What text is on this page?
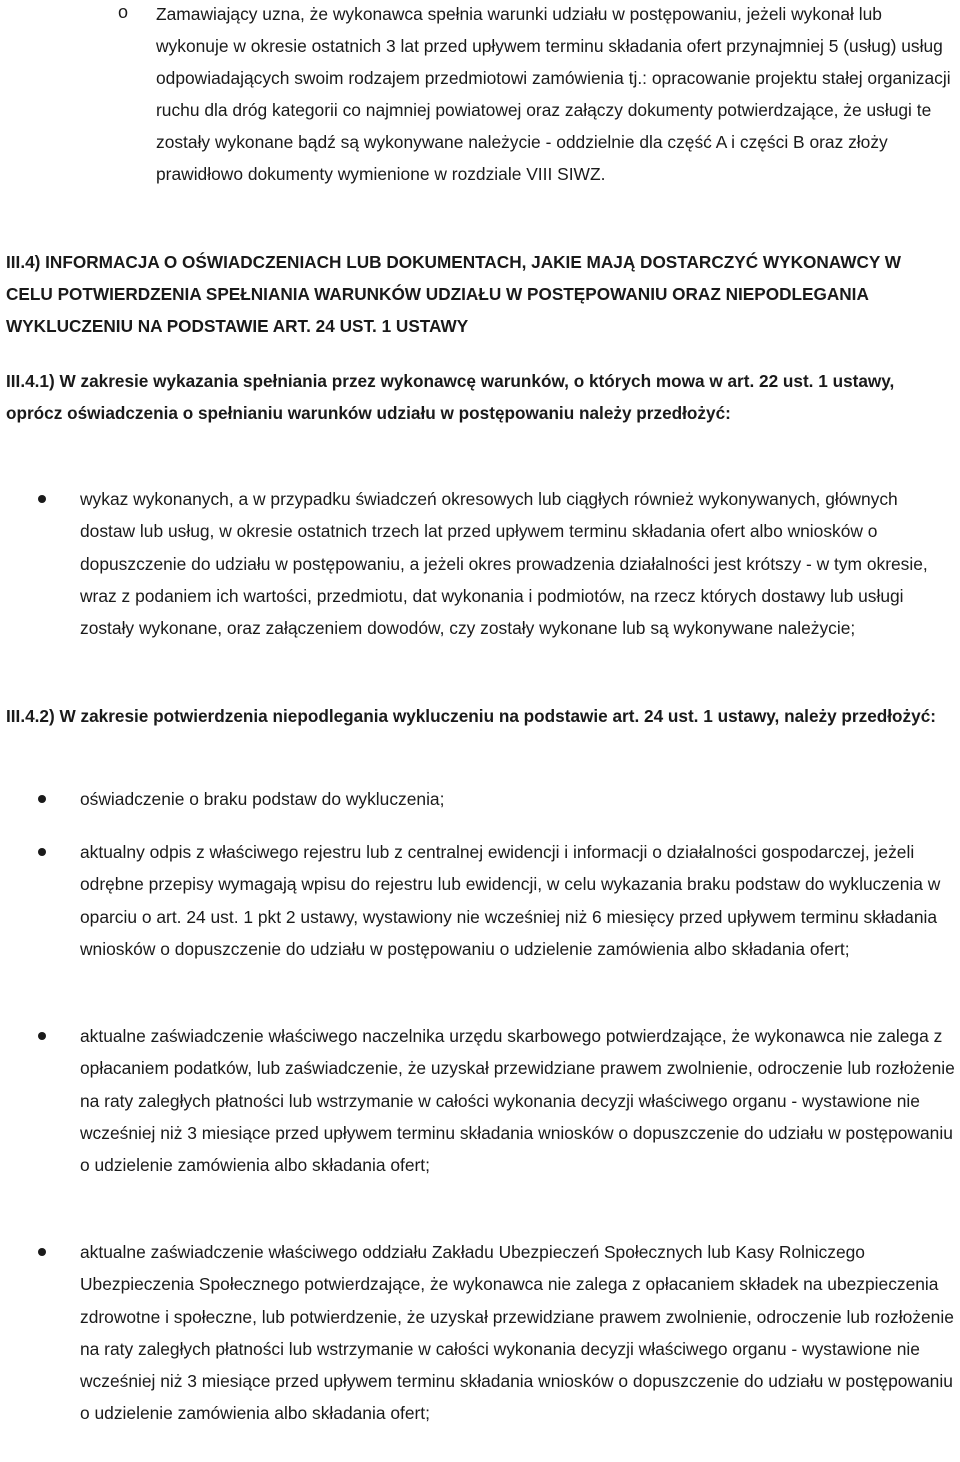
o Zamawiający uzna, że wykonawca spełnia warunki udziału w postępowaniu, jeżeli wykonał lub wykonuje w okresie ostatnich 3 lat przed upływem terminu składania ofert przynajmniej 5 (usług) usług odpowiadających swoim rodzajem przedmiotowi zamówienia tj.: opracowanie projektu stałej organizacji ruchu dla dróg kategorii co najmniej powiatowej oraz załączy dokumenty potwierdzające, że usługi te zostały wykonane bądź są wykonywane należycie - oddzielnie dla część A i części B oraz złoży prawidłowo dokumenty wymienione w rozdziale VIII SIWZ.
III.4) INFORMACJA O OŚWIADCZENIACH LUB DOKUMENTACH, JAKIE MAJĄ DOSTARCZYĆ WYKONAWCY W CELU POTWIERDZENIA SPEŁNIANIA WARUNKÓW UDZIAŁU W POSTĘPOWANIU ORAZ NIEPODLEGANIA WYKLUCZENIU NA PODSTAWIE ART. 24 UST. 1 USTAWY
III.4.1) W zakresie wykazania spełniania przez wykonawcę warunków, o których mowa w art. 22 ust. 1 ustawy, oprócz oświadczenia o spełnianiu warunków udziału w postępowaniu należy przedłożyć:
wykaz wykonanych, a w przypadku świadczeń okresowych lub ciągłych również wykonywanych, głównych dostaw lub usług, w okresie ostatnich trzech lat przed upływem terminu składania ofert albo wniosków o dopuszczenie do udziału w postępowaniu, a jeżeli okres prowadzenia działalności jest krótszy - w tym okresie, wraz z podaniem ich wartości, przedmiotu, dat wykonania i podmiotów, na rzecz których dostawy lub usługi zostały wykonane, oraz załączeniem dowodów, czy zostały wykonane lub są wykonywane należycie;
III.4.2) W zakresie potwierdzenia niepodlegania wykluczeniu na podstawie art. 24 ust. 1 ustawy, należy przedłożyć:
oświadczenie o braku podstaw do wykluczenia;
aktualny odpis z właściwego rejestru lub z centralnej ewidencji i informacji o działalności gospodarczej, jeżeli odrębne przepisy wymagają wpisu do rejestru lub ewidencji, w celu wykazania braku podstaw do wykluczenia w oparciu o art. 24 ust. 1 pkt 2 ustawy, wystawiony nie wcześniej niż 6 miesięcy przed upływem terminu składania wniosków o dopuszczenie do udziału w postępowaniu o udzielenie zamówienia albo składania ofert;
aktualne zaświadczenie właściwego naczelnika urzędu skarbowego potwierdzające, że wykonawca nie zalega z opłacaniem podatków, lub zaświadczenie, że uzyskał przewidziane prawem zwolnienie, odroczenie lub rozłożenie na raty zaległych płatności lub wstrzymanie w całości wykonania decyzji właściwego organu - wystawione nie wcześniej niż 3 miesiące przed upływem terminu składania wniosków o dopuszczenie do udziału w postępowaniu o udzielenie zamówienia albo składania ofert;
aktualne zaświadczenie właściwego oddziału Zakładu Ubezpieczeń Społecznych lub Kasy Rolniczego Ubezpieczenia Społecznego potwierdzające, że wykonawca nie zalega z opłacaniem składek na ubezpieczenia zdrowotne i społeczne, lub potwierdzenie, że uzyskał przewidziane prawem zwolnienie, odroczenie lub rozłożenie na raty zaległych płatności lub wstrzymanie w całości wykonania decyzji właściwego organu - wystawione nie wcześniej niż 3 miesiące przed upływem terminu składania wniosków o dopuszczenie do udziału w postępowaniu o udzielenie zamówienia albo składania ofert;
